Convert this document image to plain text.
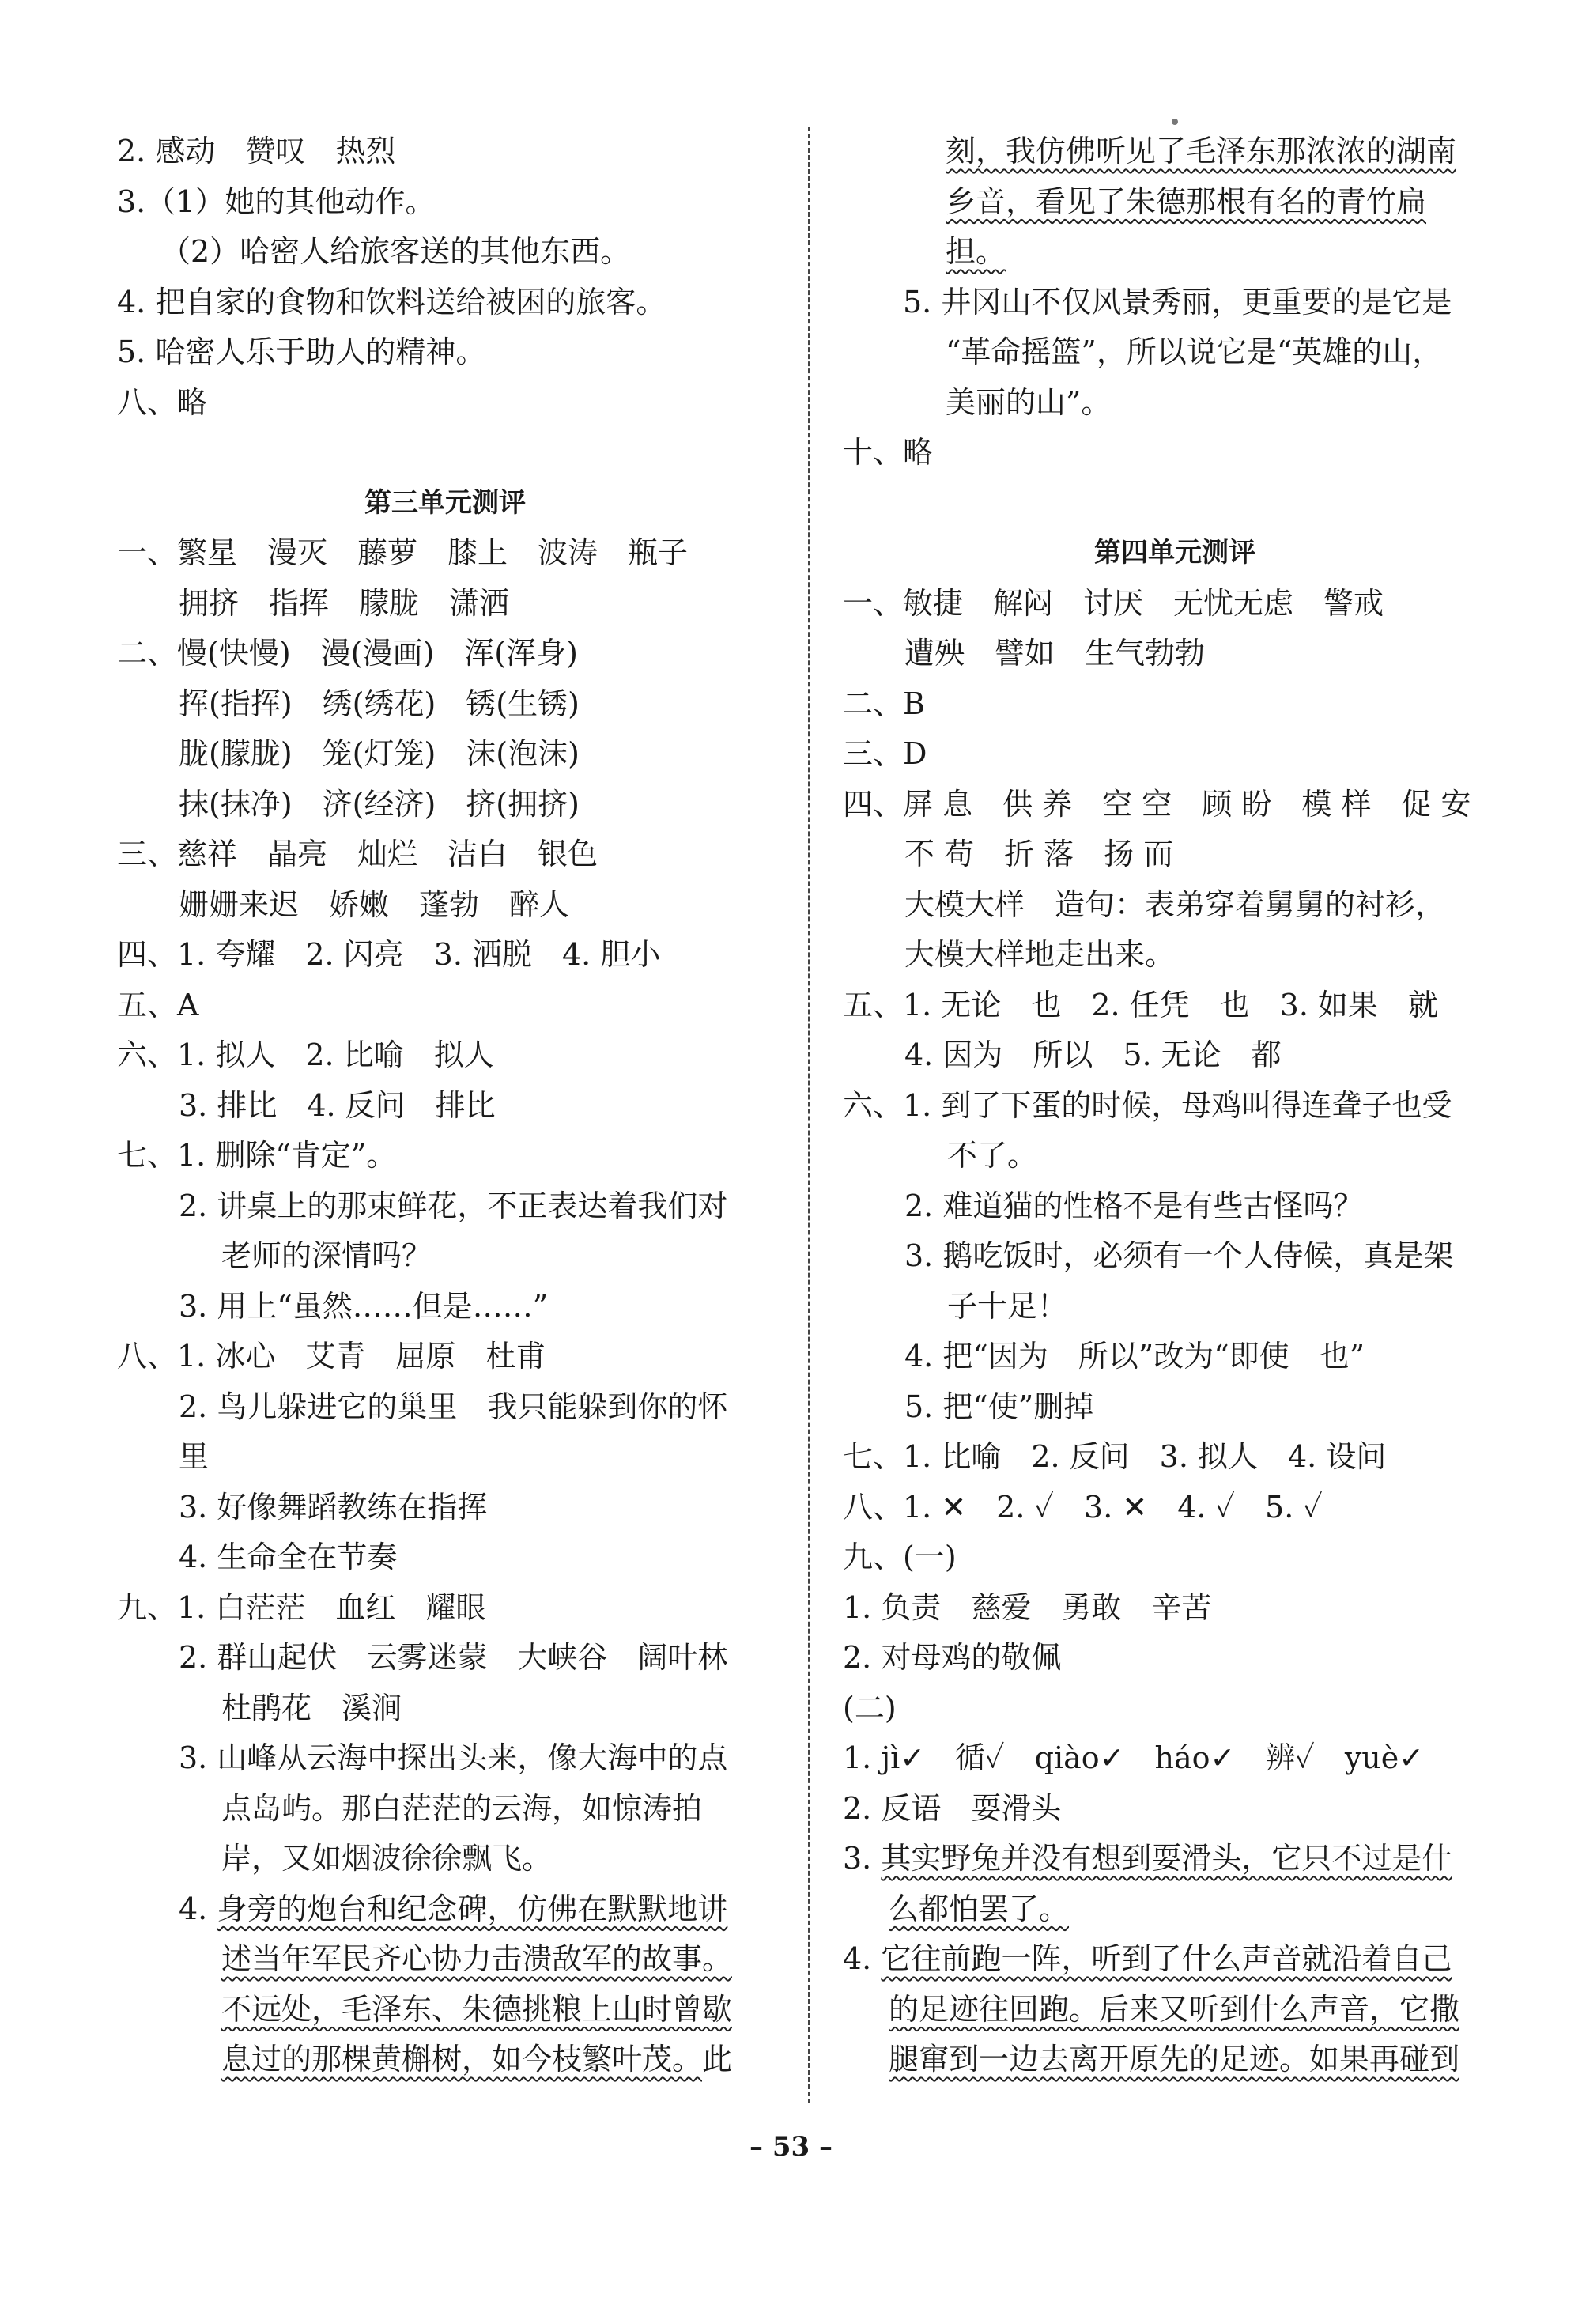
2. 感动　赞叹　热烈
3.（1）她的其他动作。
（2）哈密人给旅客送的其他东西。
4. 把自家的食物和饮料送给被困的旅客。
5. 哈密人乐于助人的精神。
八、略
第三单元测评
一、繁星　漫灭　藤萝　膝上　波涛　瓶子
拥挤　指挥　朦胧　潇洒
二、慢(快慢)　漫(漫画)　浑(浑身)
挥(指挥)　绣(绣花)　锈(生锈)
胧(朦胧)　笼(灯笼)　沫(泡沫)
抹(抹净)　济(经济)　挤(拥挤)
三、慈祥　晶亮　灿烂　洁白　银色
姗姗来迟　娇嫩　蓬勃　醉人
四、1. 夸耀　2. 闪亮　3. 洒脱　4. 胆小
五、A
六、1. 拟人　2. 比喻　拟人
3. 排比　4. 反问　排比
七、1. 删除“肯定”。
2. 讲桌上的那束鲜花，不正表达着我们对
老师的深情吗？
3. 用上“虽然……但是……”
八、1. 冰心　艾青　屈原　杜甫
2. 鸟儿躲进它的巢里　我只能躲到你的怀
里
3. 好像舞蹈教练在指挥
4. 生命全在节奏
九、1. 白茫茫　血红　耀眼
2. 群山起伏　云雾迷蒙　大峡谷　阔叶林
杜鹃花　溪涧
3. 山峰从云海中探出头来，像大海中的点
点岛屿。那白茫茫的云海，如惊涛拍
岸，又如烟波徐徐飘飞。
4. 身旁的炮台和纪念碑，仿佛在默默地讲
述当年军民齐心协力击溃敌军的故事。
不远处，毛泽东、朱德挑粮上山时曾歇
息过的那棵黄槲树，如今枝繁叶茂。此
刻，我仿佛听见了毛泽东那浓浓的湖南
乡音，看见了朱德那根有名的青竹扁
担。
5. 井冈山不仅风景秀丽，更重要的是它是
“革命摇篮”，所以说它是“英雄的山，
美丽的山”。
十、略
第四单元测评
一、敏捷　解闷　讨厌　无忧无虑　警戒
遭殃　譬如　生气勃勃
二、B
三、D
四、屏 息　供 养　空 空　顾 盼　模 样　促 安
不 苟　折 落　扬 而
大模大样　造句：表弟穿着舅舅的衬衫，
大模大样地走出来。
五、1. 无论　也　2. 任凭　也　3. 如果　就
4. 因为　所以　5. 无论　都
六、1. 到了下蛋的时候，母鸡叫得连聋子也受
不了。
2. 难道猫的性格不是有些古怪吗？
3. 鹅吃饭时，必须有一个人侍候，真是架
子十足！
4. 把“因为　所以”改为“即使　也”
5. 把“使”删掉
七、1. 比喻　2. 反问　3. 拟人　4. 设问
八、1. ✕　2. ✓　3. ✕　4. ✓　5. ✓
九、(一)
1. 负责　慈爱　勇敢　辛苦
2. 对母鸡的敬佩
(二)
1. jì✓　循✓　qiào✓　háo✓　辨✓　yuè✓
2. 反语　耍滑头
3. 其实野兔并没有想到耍滑头，它只不过是什
么都怕罢了。
4. 它往前跑一阵，听到了什么声音就沿着自己
的足迹往回跑。后来又听到什么声音，它撒
腿窜到一边去离开原先的足迹。如果再碰到
– 53 –
